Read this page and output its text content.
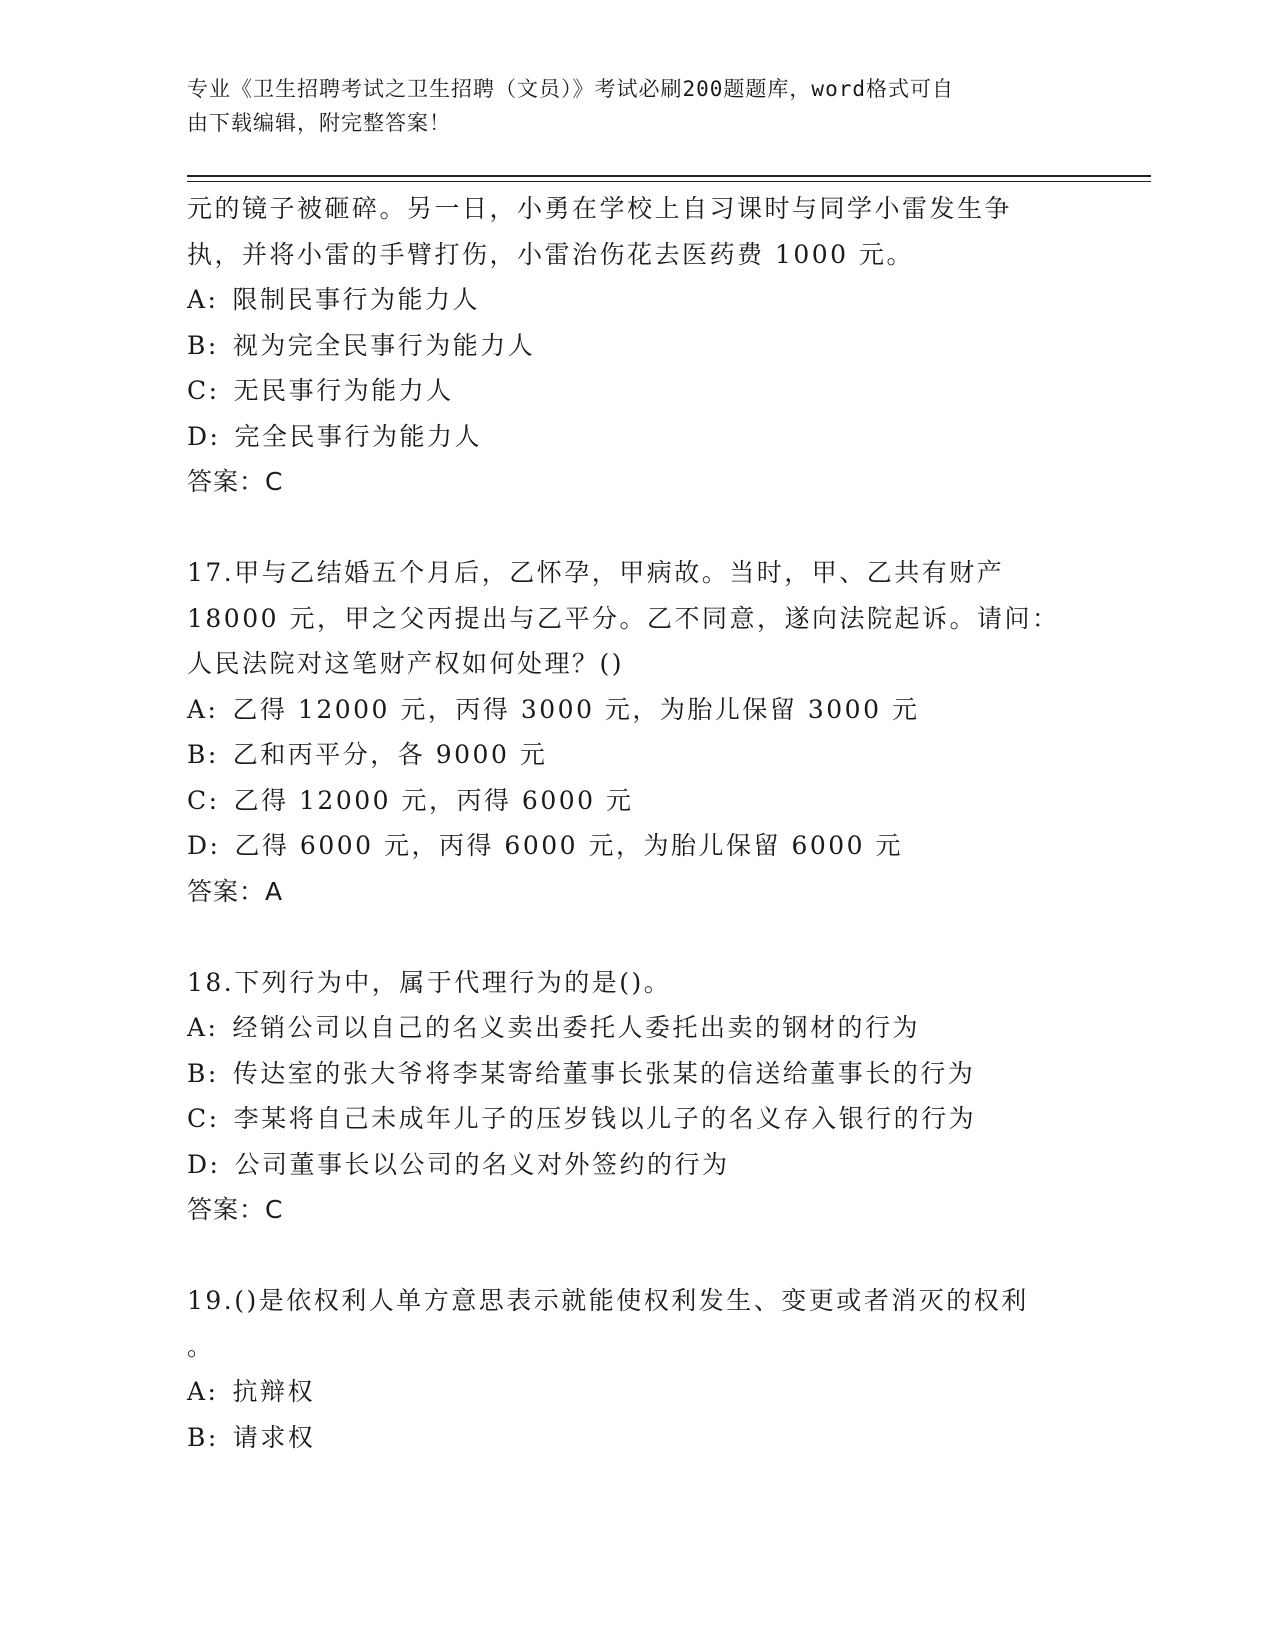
专业《卫生招聘考试之卫生招聘（文员）》考试必刷200题题库，word格式可自

由下载编辑，附完整答案！

元的镜子被砸碎。另一日，小勇在学校上自习课时与同学小雷发生争
执，并将小雷的手臂打伤，小雷治伤花去医药费 1000 元。
A: 限制民事行为能力人
B: 视为完全民事行为能力人
C: 无民事行为能力人
D: 完全民事行为能力人
答案：C
17.甲与乙结婚五个月后，乙怀孕，甲病故。当时，甲、乙共有财产
18000 元，甲之父丙提出与乙平分。乙不同意，遂向法院起诉。请问：
人民法院对这笔财产权如何处理？()
A: 乙得 12000 元，丙得 3000 元，为胎儿保留 3000 元
B: 乙和丙平分，各 9000 元
C: 乙得 12000 元，丙得 6000 元
D: 乙得 6000 元，丙得 6000 元，为胎儿保留 6000 元
答案：A
18.下列行为中，属于代理行为的是()。
A: 经销公司以自己的名义卖出委托人委托出卖的钢材的行为
B: 传达室的张大爷将李某寄给董事长张某的信送给董事长的行为
C: 李某将自己未成年儿子的压岁钱以儿子的名义存入银行的行为
D: 公司董事长以公司的名义对外签约的行为
答案：C
19.()是依权利人单方意思表示就能使权利发生、变更或者消灭的权利
。
A: 抗辩权
B: 请求权
